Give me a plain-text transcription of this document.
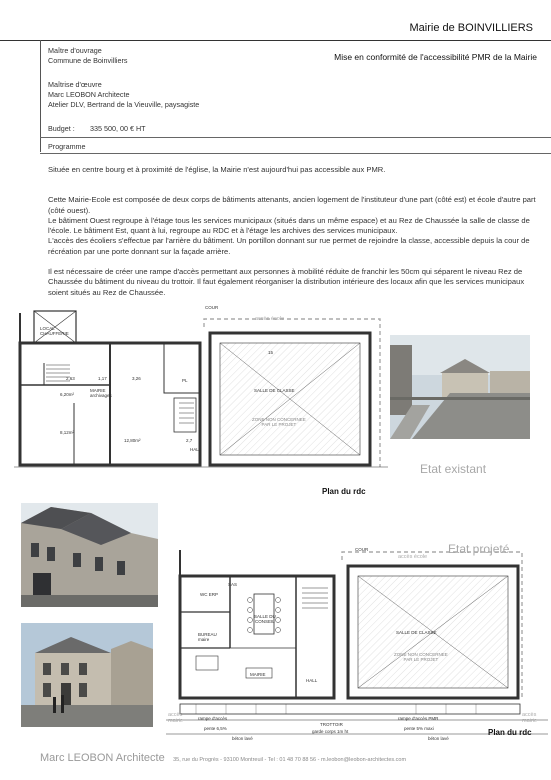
Mairie de BOINVILLIERS
Mise en conformité de l'accessibilité PMR de la Mairie
Maître d'ouvrage
Commune de Boinvilliers
Maîtrise d'œuvre
Marc LEOBON Architecte
Atelier DLV, Bertrand de la Vieuville, paysagiste
Budget : 335 500, 00 € HT
Programme

Située en centre bourg et à proximité de l'église, la Mairie n'est aujourd'hui pas accessible aux PMR.

Cette Mairie-Ecole est composée de deux corps de bâtiments attenants, ancien logement de l'instituteur d'une part (côté est) et école d'autre part (côté ouest).
Le bâtiment Ouest regroupe à l'étage tous les services municipaux (situés dans un même espace) et au Rez de Chaussée la salle de classe de l'école. Le bâtiment Est, quant à lui, regroupe au RDC et à l'étage les archives des services municipaux.
L'accès des écoliers s'effectue par l'arrière du bâtiment. Un portillon donnant sur rue permet de rejoindre la classe, accessible depuis la cour de récréation par une porte donnant sur la façade arrière.

Il est nécessaire de créer une rampe d'accès permettant aux personnes à mobilité réduite de franchir les 50cm qui séparent le niveau Rez de Chaussée du bâtiment du niveau du trottoir. Il faut également réorganiser la distribution intérieure des locaux afin que les services municipaux soient situés au Rez de Chaussée.

COUR
accès école
15
LOCAL
CHAUFFERIE
MAIRIE
archivages
SALLE DE CLASSE
ZONE NON CONCERNEE
PAR LE PROJET
HALL
PL
2,63	1,17	3,26
6,20m²
8,12m²
12,80m²	2,7
Etat existant
Plan du rdc
COUR
accès école
WC ERP
SAS
SALLE DU
CONSEIL
BUREAU
maire
MAIRIE
HALL
SALLE DE CLASSE
ZONE NON CONCERNEE
PAR LE PROJET
rampe d'accès
pente 6,5%
rampe d'accès PMR
pente 5% maxi
TROTTOIR
garde corps 1m ht
béton lavé	béton lavé
accès
mairie
accès
mairie
Etat projeté
Plan du rdc
Marc LEOBON Architecte 35, rue du Progrès - 93100 Montreuil - Tel : 01 48 70 88 56 - m.leobon@leobon-architectes.com
